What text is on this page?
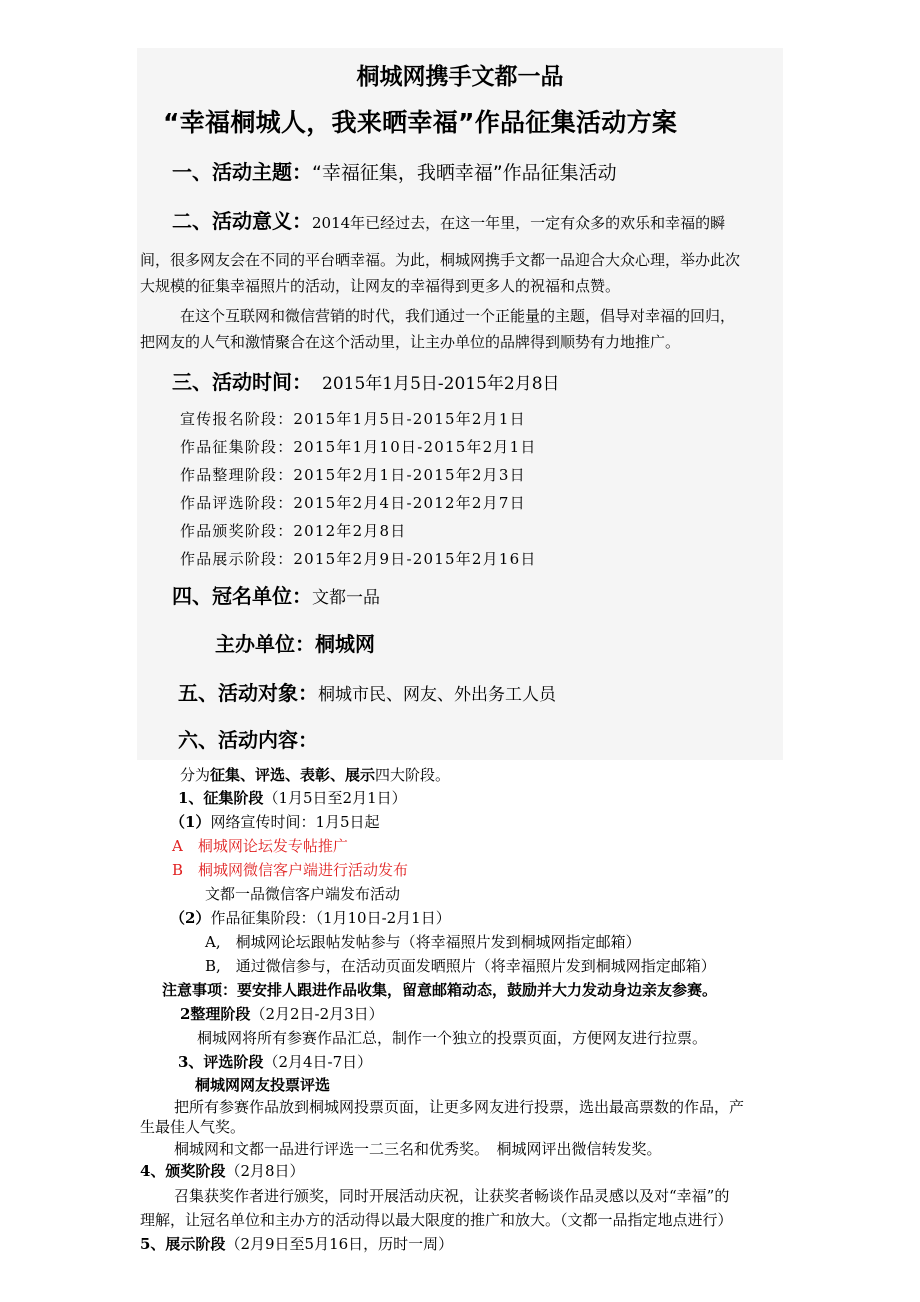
桐城网携手文都一品
“幸福桐城人，我来晒幸福”作品征集活动方案
一、活动主题：“幸福征集，我晒幸福”作品征集活动
二、活动意义：2014年已经过去，在这一年里，一定有众多的欢乐和幸福的瞬
间，很多网友会在不同的平台晒幸福。为此，桐城网携手文都一品迎合大众心理，举办此次
大规模的征集幸福照片的活动，让网友的幸福得到更多人的祝福和点赞。
在这个互联网和微信营销的时代，我们通过一个正能量的主题，倡导对幸福的回归，
把网友的人气和激情聚合在这个活动里，让主办单位的品牌得到顺势有力地推广。
三、活动时间： 2015年1月5日-2015年2月8日
宣传报名阶段：2015年1月5日-2015年2月1日
作品征集阶段：2015年1月10日-2015年2月1日
作品整理阶段：2015年2月1日-2015年2月3日
作品评选阶段：2015年2月4日-2012年2月7日
作品颁奖阶段：2012年2月8日
作品展示阶段：2015年2月9日-2015年2月16日
四、冠名单位：文都一品
主办单位：桐城网
五、活动对象：桐城市民、网友、外出务工人员
六、活动内容：
分为征集、评选、表彰、展示四大阶段。
1、征集阶段（1月5日至2月1日）
（1）网络宣传时间：1月5日起
A　桐城网论坛发专帖推广
B　桐城网微信客户端进行活动发布
文都一品微信客户端发布活动
（2）作品征集阶段：（1月10日-2月1日）
A,　桐城网论坛跟帖发帖参与（将幸福照片发到桐城网指定邮箱）
B,　通过微信参与，在活动页面发晒照片（将幸福照片发到桐城网指定邮箱）
注意事项：要安排人跟进作品收集，留意邮箱动态，鼓励并大力发动身边亲友参赛。
2整理阶段（2月2日-2月3日）
桐城网将所有参赛作品汇总，制作一个独立的投票页面，方便网友进行拉票。
3、评选阶段（2月4日-7日）
桐城网网友投票评选
把所有参赛作品放到桐城网投票页面，让更多网友进行投票，选出最高票数的作品，产
生最佳人气奖。
桐城网和文都一品进行评选一二三名和优秀奖。　桐城网评出微信转发奖。
4、颁奖阶段（2月8日）
召集获奖作者进行颁奖，同时开展活动庆祝，让获奖者畅谈作品灵感以及对“幸福”的
理解，让冠名单位和主办方的活动得以最大限度的推广和放大。（文都一品指定地点进行）
5、展示阶段（2月9日至5月16日，历时一周）
